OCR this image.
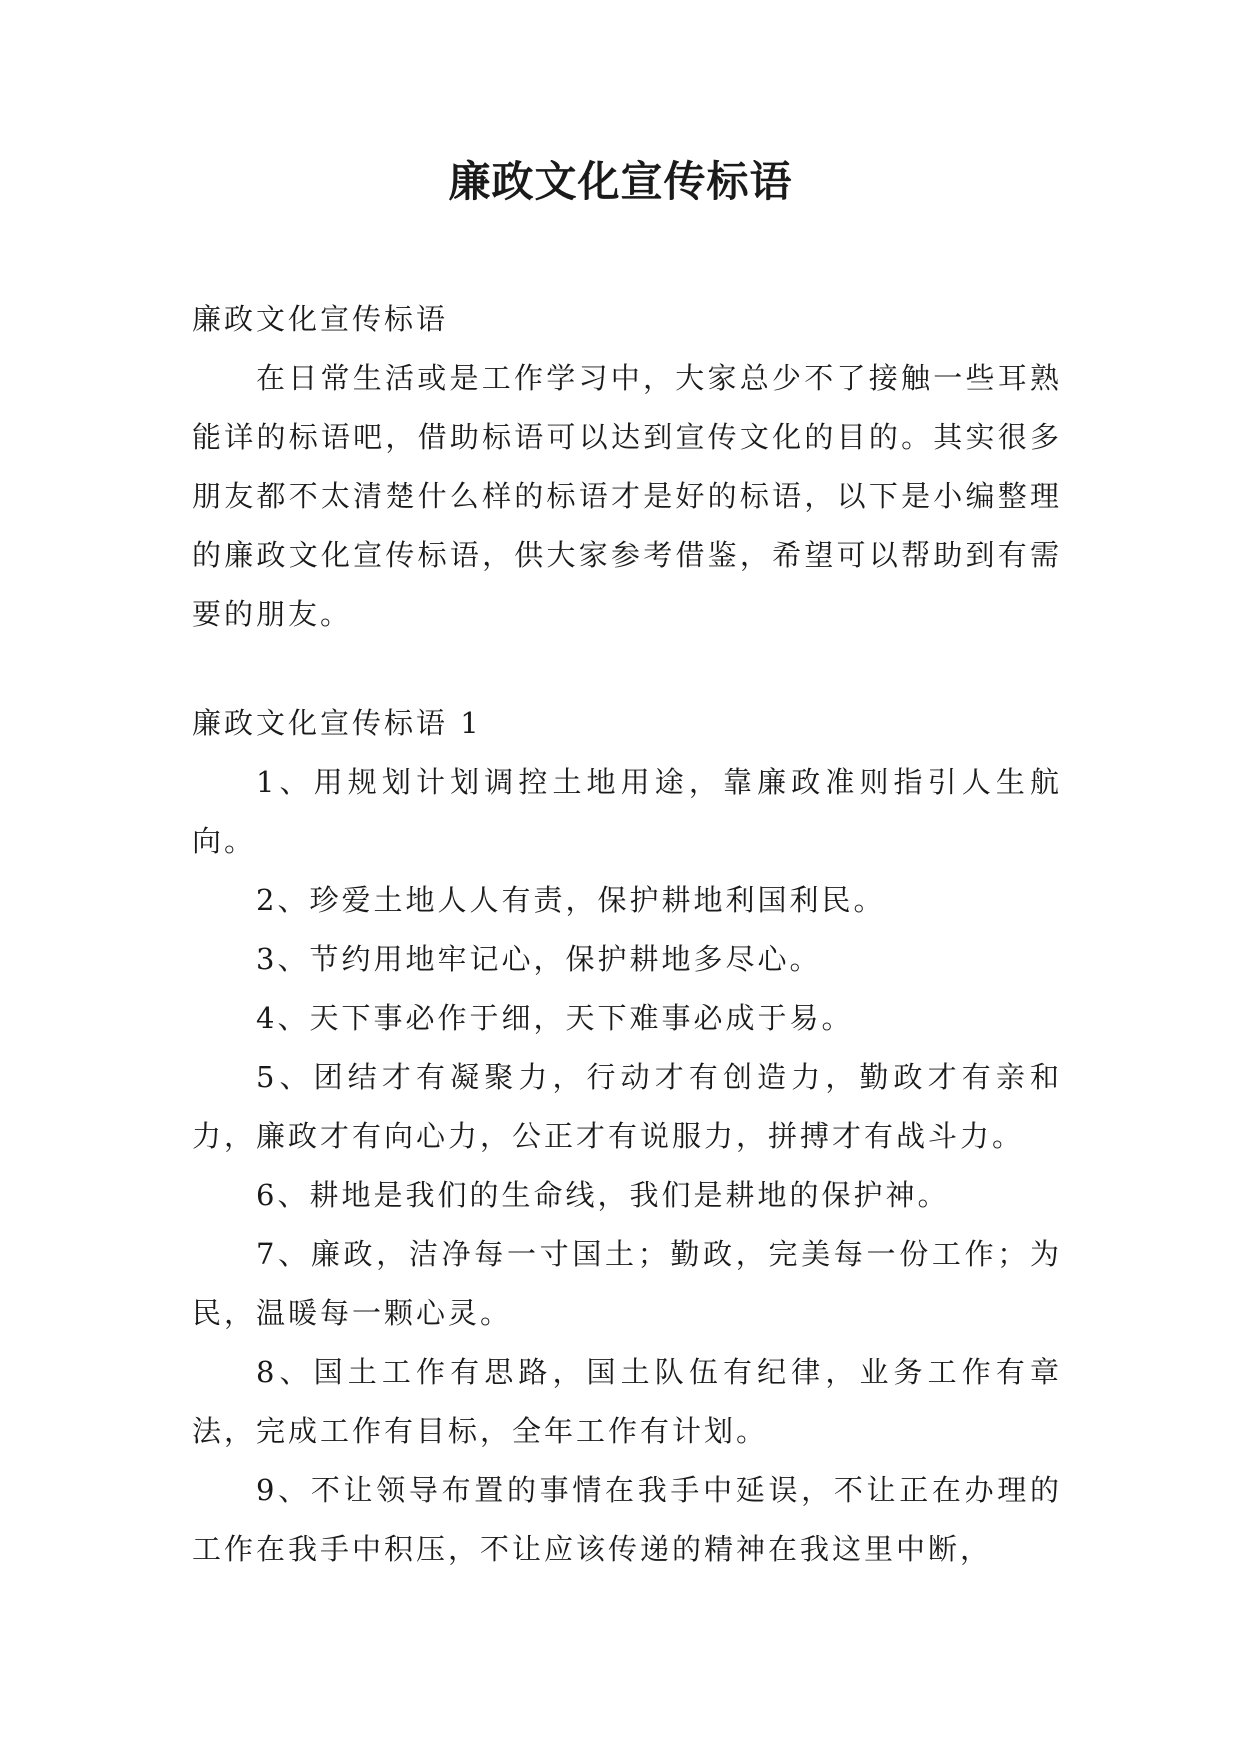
廉政文化宣传标语

廉政文化宣传标语

在日常生活或是工作学习中，大家总少不了接触一些耳熟能详的标语吧，借助标语可以达到宣传文化的目的。其实很多朋友都不太清楚什么样的标语才是好的标语，以下是小编整理的廉政文化宣传标语，供大家参考借鉴，希望可以帮助到有需要的朋友。

廉政文化宣传标语 1

1、用规划计划调控土地用途，靠廉政准则指引人生航向。

2、珍爱土地人人有责，保护耕地利国利民。

3、节约用地牢记心，保护耕地多尽心。

4、天下事必作于细，天下难事必成于易。

5、团结才有凝聚力，行动才有创造力，勤政才有亲和力，廉政才有向心力，公正才有说服力，拼搏才有战斗力。

6、耕地是我们的生命线，我们是耕地的保护神。

7、廉政，洁净每一寸国土；勤政，完美每一份工作；为民，温暖每一颗心灵。

8、国土工作有思路，国土队伍有纪律，业务工作有章法，完成工作有目标，全年工作有计划。

9、不让领导布置的事情在我手中延误，不让正在办理的工作在我手中积压，不让应该传递的精神在我这里中断，
